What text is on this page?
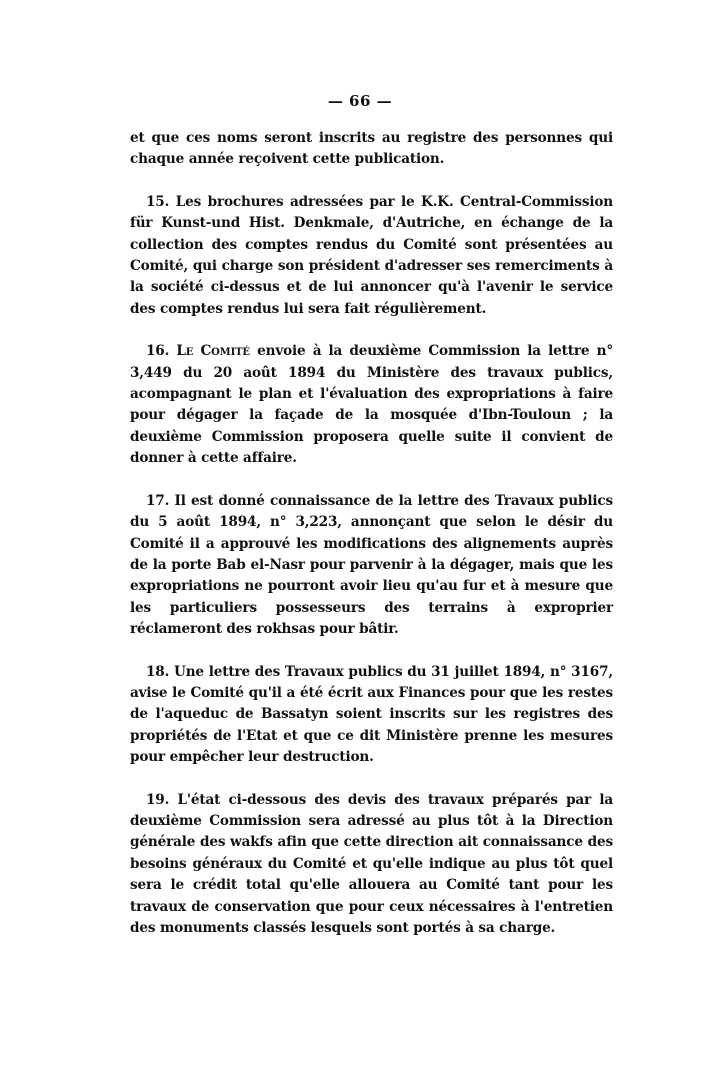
— 66 —

et que ces noms seront inscrits au registre des personnes qui chaque année reçoivent cette publication.

15. Les brochures adressées par le K.K. Central-Commission für Kunst-und Hist. Denkmale, d'Autriche, en échange de la collection des comptes rendus du Comité sont présentées au Comité, qui charge son président d'adresser ses remerciments à la société ci-dessus et de lui annoncer qu'à l'avenir le service des comptes rendus lui sera fait régulièrement.

16. Le Comité envoie à la deuxième Commission la lettre n° 3,449 du 20 août 1894 du Ministère des travaux publics, acompagnant le plan et l'évaluation des expropriations à faire pour dégager la façade de la mosquée d'Ibn-Touloun ; la deuxième Commission proposera quelle suite il convient de donner à cette affaire.

17. Il est donné connaissance de la lettre des Travaux publics du 5 août 1894, n° 3,223, annonçant que selon le désir du Comité il a approuvé les modifications des alignements auprès de la porte Bab el-Nasr pour parvenir à la dégager, mais que les expropriations ne pourront avoir lieu qu'au fur et à mesure que les particuliers possesseurs des terrains à exproprier réclameront des rokhsas pour bâtir.

18. Une lettre des Travaux publics du 31 juillet 1894, n° 3167, avise le Comité qu'il a été écrit aux Finances pour que les restes de l'aqueduc de Bassatyn soient inscrits sur les registres des propriétés de l'Etat et que ce dit Ministère prenne les mesures pour empêcher leur destruction.

19. L'état ci-dessous des devis des travaux préparés par la deuxième Commission sera adressé au plus tôt à la Direction générale des wakfs afin que cette direction ait connaissance des besoins généraux du Comité et qu'elle indique au plus tôt quel sera le crédit total qu'elle allouera au Comité tant pour les travaux de conservation que pour ceux nécessaires à l'entretien des monuments classés lesquels sont portés à sa charge.
